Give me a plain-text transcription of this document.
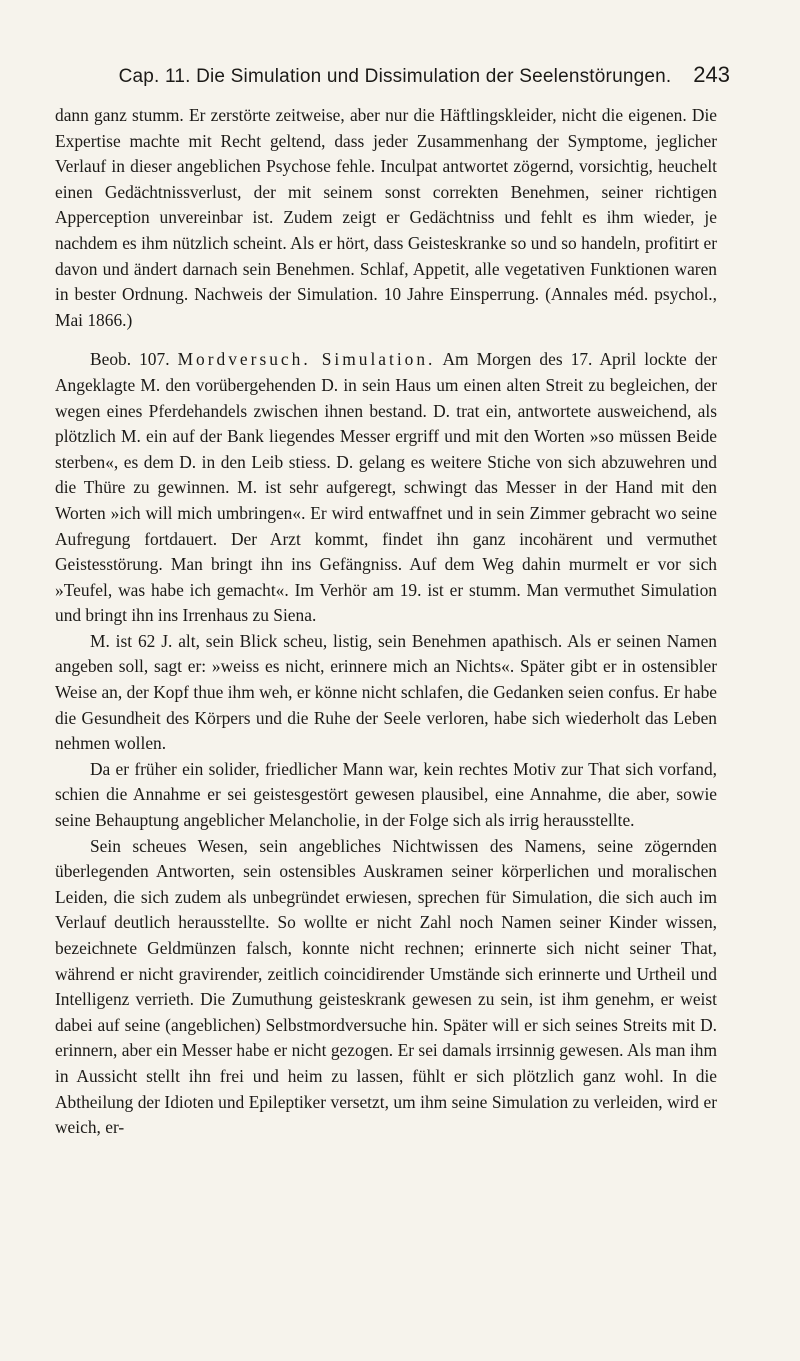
Cap. 11. Die Simulation und Dissimulation der Seelenstörungen. 243

dann ganz stumm. Er zerstörte zeitweise, aber nur die Häftlingskleider, nicht die eigenen. Die Expertise machte mit Recht geltend, dass jeder Zusammenhang der Symptome, jeglicher Verlauf in dieser angeblichen Psychose fehle. Inculpat antwortet zögernd, vorsichtig, heuchelt einen Gedächtnissverlust, der mit seinem sonst correkten Benehmen, seiner richtigen Apperception unvereinbar ist. Zudem zeigt er Gedächtniss und fehlt es ihm wieder, je nachdem es ihm nützlich scheint. Als er hört, dass Geisteskranke so und so handeln, profitirt er davon und ändert darnach sein Benehmen. Schlaf, Appetit, alle vegetativen Funktionen waren in bester Ordnung. Nachweis der Simulation. 10 Jahre Einsperrung. (Annales méd. psychol., Mai 1866.)

Beob. 107. Mordversuch. Simulation. Am Morgen des 17. April lockte der Angeklagte M. den vorübergehenden D. in sein Haus um einen alten Streit zu begleichen, der wegen eines Pferdehandels zwischen ihnen bestand. D. trat ein, antwortete ausweichend, als plötzlich M. ein auf der Bank liegendes Messer ergriff und mit den Worten »so müssen Beide sterben«, es dem D. in den Leib stiess. D. gelang es weitere Stiche von sich abzuwehren und die Thüre zu gewinnen. M. ist sehr aufgeregt, schwingt das Messer in der Hand mit den Worten »ich will mich umbringen«. Er wird entwaffnet und in sein Zimmer gebracht wo seine Aufregung fortdauert. Der Arzt kommt, findet ihn ganz incohärent und vermuthet Geistesstörung. Man bringt ihn ins Gefängniss. Auf dem Weg dahin murmelt er vor sich »Teufel, was habe ich gemacht«. Im Verhör am 19. ist er stumm. Man vermuthet Simulation und bringt ihn ins Irrenhaus zu Siena.

M. ist 62 J. alt, sein Blick scheu, listig, sein Benehmen apathisch. Als er seinen Namen angeben soll, sagt er: »weiss es nicht, erinnere mich an Nichts«. Später gibt er in ostensibler Weise an, der Kopf thue ihm weh, er könne nicht schlafen, die Gedanken seien confus. Er habe die Gesundheit des Körpers und die Ruhe der Seele verloren, habe sich wiederholt das Leben nehmen wollen.

Da er früher ein solider, friedlicher Mann war, kein rechtes Motiv zur That sich vorfand, schien die Annahme er sei geistesgestört gewesen plausibel, eine Annahme, die aber, sowie seine Behauptung angeblicher Melancholie, in der Folge sich als irrig herausstellte.

Sein scheues Wesen, sein angebliches Nichtwissen des Namens, seine zögernden überlegenden Antworten, sein ostensibles Auskramen seiner körperlichen und moralischen Leiden, die sich zudem als unbegründet erwiesen, sprechen für Simulation, die sich auch im Verlauf deutlich herausstellte. So wollte er nicht Zahl noch Namen seiner Kinder wissen, bezeichnete Geldmünzen falsch, konnte nicht rechnen; erinnerte sich nicht seiner That, während er nicht gravirender, zeitlich coincidirender Umstände sich erinnerte und Urtheil und Intelligenz verrieth. Die Zumuthung geisteskrank gewesen zu sein, ist ihm genehm, er weist dabei auf seine (angeblichen) Selbstmordversuche hin. Später will er sich seines Streits mit D. erinnern, aber ein Messer habe er nicht gezogen. Er sei damals irrsinnig gewesen. Als man ihm in Aussicht stellt ihn frei und heim zu lassen, fühlt er sich plötzlich ganz wohl. In die Abtheilung der Idioten und Epileptiker versetzt, um ihm seine Simulation zu verleiden, wird er weich, er-
